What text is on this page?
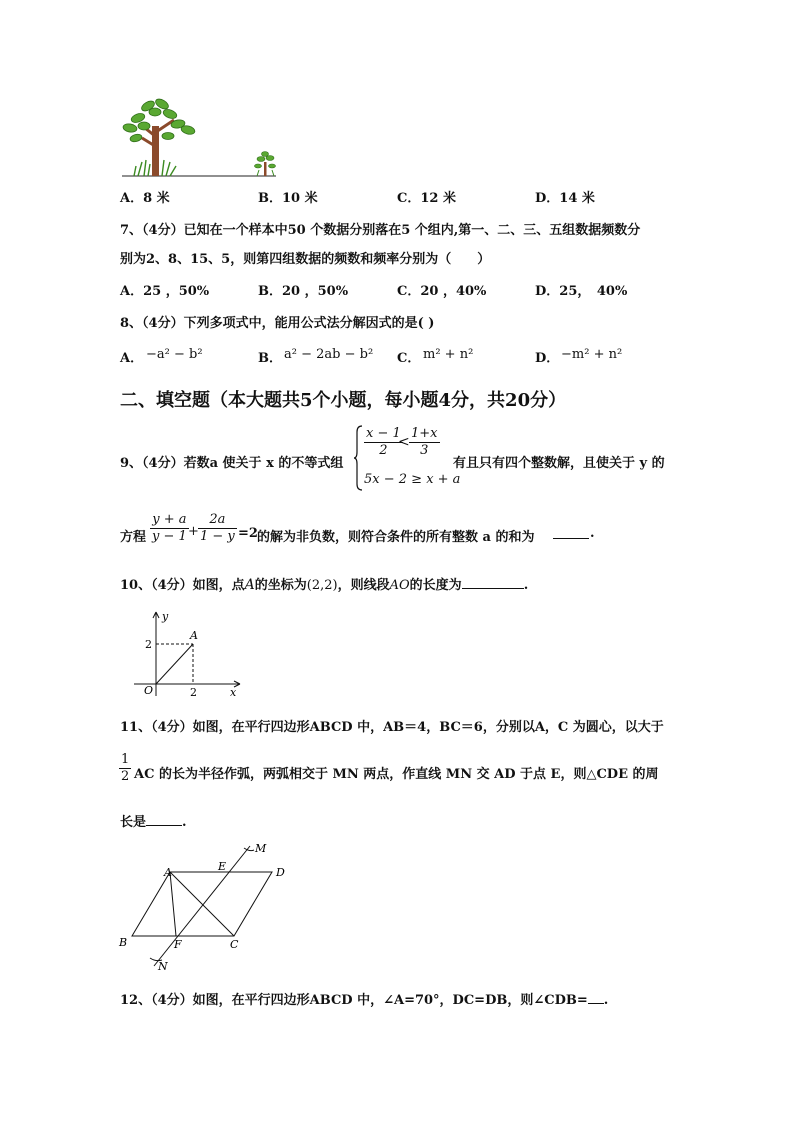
A．8 米	B．10 米	C．12 米	D．14 米
7、（4分）已知在一个样本中50 个数据分别落在5 个组内,第一、二、三、五组数据频数分
别为2、8、15、5，则第四组数据的频数和频率分别为（　　）
A．25 ，50%	B．20 ，50%	C．20 ，40%	D．25，　40%
8、（4分）下列多项式中，能用公式法分解因式的是( )
A． −a² − b²	B． a² − 2ab − b² C． m² + n²	D． −m² + n²
二、填空题（本大题共5个小题，每小题4分，共20分）
9、（4分）若数a 使关于 x 的不等式组
$\frac{x - 1}{2}$
< $\frac{1+x}{3}$
5x − 2 ≥ x + a
有且只有四个整数解，且使关于 y 的
方程 $\frac{y + a}{y - 1} + \frac{2a}{1 - y} =2$ 的解为非负数，则符合条件的所有整数 a 的和为	.
10、（4分）如图，点A的坐标为(2,2)，则线段AO的长度为	.
y
x
A
O
2
2
11、（4分）如图，在平行四边形ABCD 中，AB＝4，BC＝6，分别以A，C 为圆心，以大于
$\frac{1}{2}$ AC 的长为半径作弧，两弧相交于 MN 两点，作直线 MN 交 AD 于点 E，则△CDE 的周
长是	.
A
B	C
D
E
F
M
N
12、（4分）如图，在平行四边形ABCD 中，∠A=70°，DC=DB，则∠CDB= .
